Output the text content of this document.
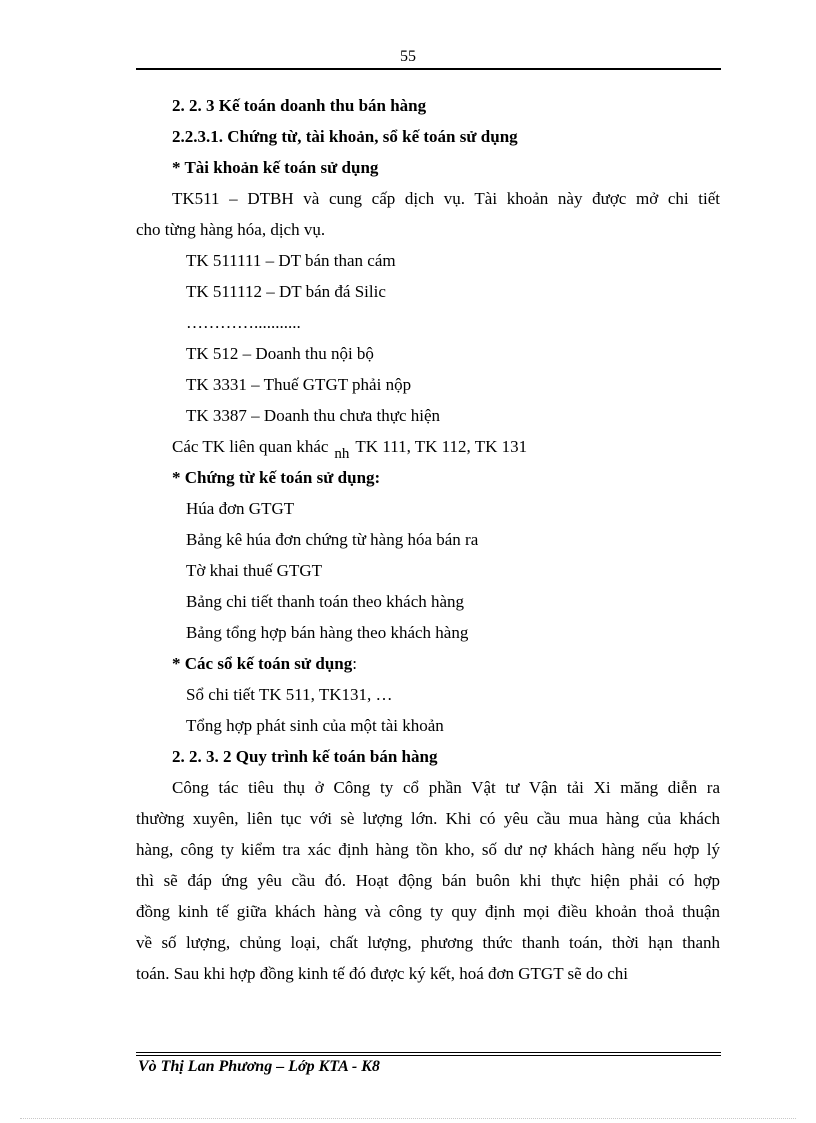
55
2. 2. 3 Kế toán doanh thu bán hàng
2.2.3.1. Chứng từ, tài khoản, sổ kế toán sử dụng
* Tài khoản kế toán sử dụng
TK511 – DTBH và cung cấp dịch vụ. Tài khoản này được mở chi tiết
cho từng hàng hóa, dịch vụ.
TK 511111 – DT bán than cám
TK 511112 – DT bán đá Silic
…………...........
TK 512 – Doanh thu nội bộ
TK 3331 – Thuế GTGT phải nộp
TK 3387 – Doanh thu chưa thực hiện
Các TK liên quan khác nh TK 111, TK 112, TK 131
* Chứng từ kế toán sử dụng:
Húa đơn GTGT
Bảng kê húa đơn chứng từ hàng hóa bán ra
Tờ khai thuế GTGT
Bảng chi tiết thanh toán theo khách hàng
Bảng tổng hợp bán hàng theo khách hàng
* Các sổ kế toán sử dụng:
Sổ chi tiết TK 511, TK131, …
Tổng hợp phát sinh của một tài khoản
2. 2. 3. 2 Quy trình kế toán bán hàng
Công tác tiêu thụ ở Công ty cổ phần Vật tư Vận tải Xi măng diễn ra
thường xuyên, liên tục với sè lượng lớn. Khi có yêu cầu mua hàng của khách
hàng, công ty kiểm tra xác định hàng tồn kho, số dư nợ khách hàng nếu hợp lý
thì sẽ đáp ứng yêu cầu đó. Hoạt động bán buôn khi thực hiện phải có hợp
đồng kinh tế giữa khách hàng và công ty quy định mọi điều khoản thoả thuận
về số lượng, chủng loại, chất lượng, phương thức thanh toán, thời hạn thanh
toán. Sau khi hợp đồng kinh tế đó được ký kết, hoá đơn GTGT sẽ do chi
Vò Thị Lan Phương – Lớp KTA - K8
